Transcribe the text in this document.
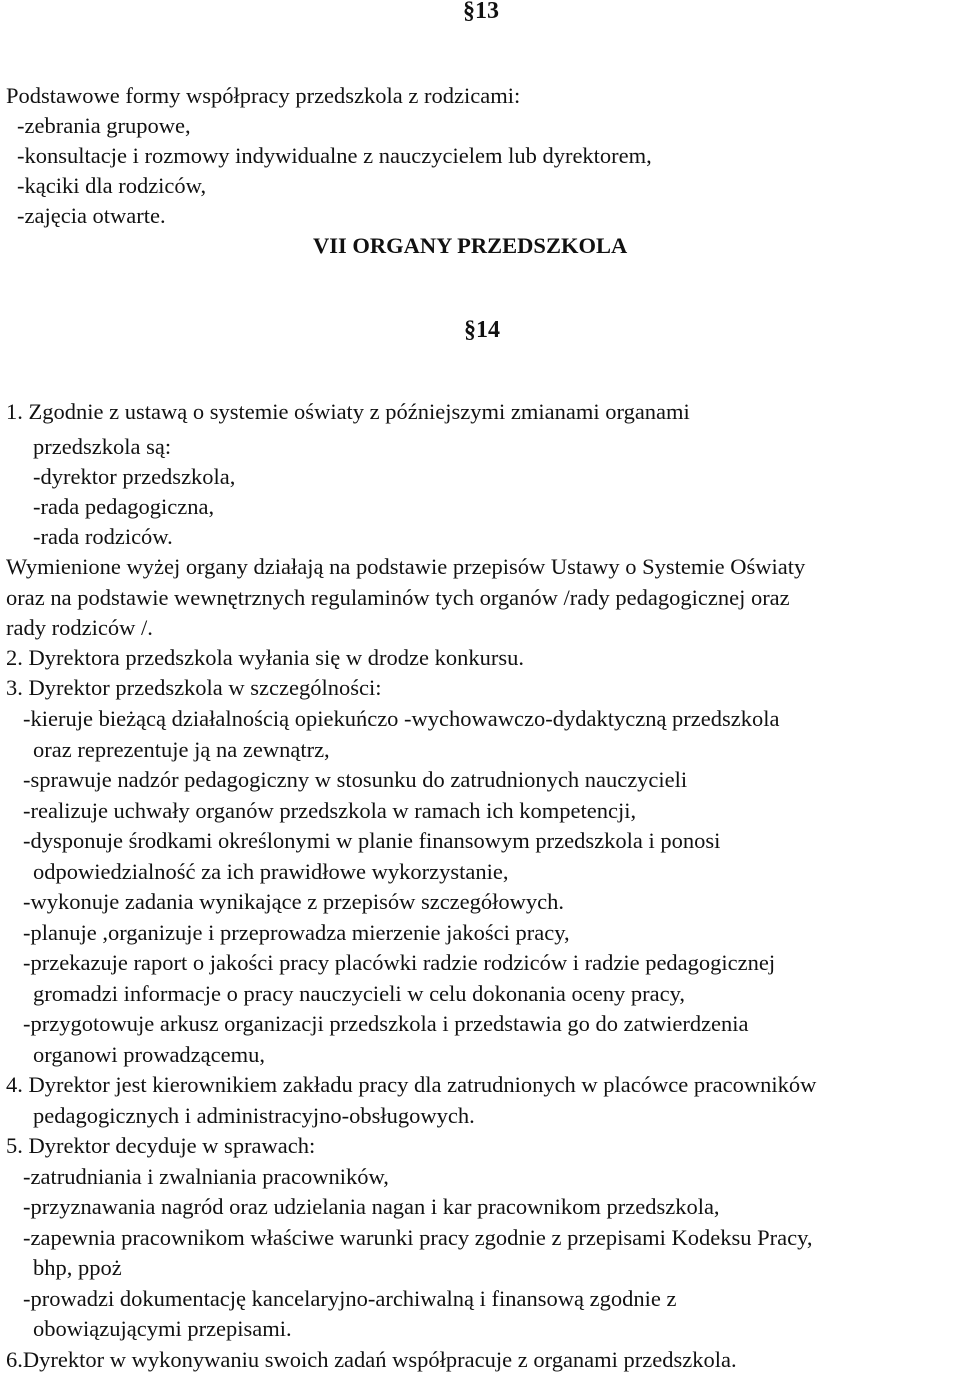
§13
Podstawowe formy współpracy przedszkola z rodzicami:
-zebrania grupowe,
-konsultacje i rozmowy indywidualne z nauczycielem lub dyrektorem,
-kąciki dla rodziców,
-zajęcia otwarte.
VII ORGANY PRZEDSZKOLA
§14
1. Zgodnie z ustawą o systemie oświaty z późniejszymi zmianami organami
przedszkola są:
-dyrektor przedszkola,
-rada pedagogiczna,
-rada rodziców.
Wymienione wyżej organy działają na podstawie przepisów Ustawy o Systemie Oświaty
oraz na podstawie wewnętrznych regulaminów tych organów /rady pedagogicznej oraz
rady rodziców /.
2. Dyrektora przedszkola wyłania się w drodze konkursu.
3. Dyrektor przedszkola w szczególności:
-kieruje bieżącą działalnością opiekuńczo -wychowawczo-dydaktyczną przedszkola
oraz reprezentuje ją na zewnątrz,
-sprawuje nadzór pedagogiczny w stosunku do zatrudnionych nauczycieli
-realizuje uchwały organów przedszkola w ramach ich kompetencji,
-dysponuje środkami określonymi w planie finansowym przedszkola i ponosi
odpowiedzialność za ich prawidłowe wykorzystanie,
-wykonuje zadania wynikające z przepisów szczegółowych.
-planuje ,organizuje i przeprowadza mierzenie jakości pracy,
-przekazuje raport o jakości pracy placówki radzie rodziców i radzie pedagogicznej
gromadzi informacje o pracy nauczycieli w celu dokonania oceny pracy,
-przygotowuje arkusz organizacji przedszkola i przedstawia go do zatwierdzenia
organowi prowadzącemu,
4. Dyrektor jest kierownikiem zakładu pracy dla zatrudnionych w placówce pracowników
pedagogicznych i administracyjno-obsługowych.
5. Dyrektor decyduje w sprawach:
-zatrudniania i zwalniania pracowników,
-przyznawania nagród oraz udzielania nagan i kar pracownikom przedszkola,
-zapewnia pracownikom właściwe warunki pracy zgodnie z przepisami Kodeksu Pracy,
bhp, ppoż
-prowadzi dokumentację kancelaryjno-archiwalną i finansową zgodnie z
obowiązującymi przepisami.
6.Dyrektor w wykonywaniu swoich zadań współpracuje z organami przedszkola.
